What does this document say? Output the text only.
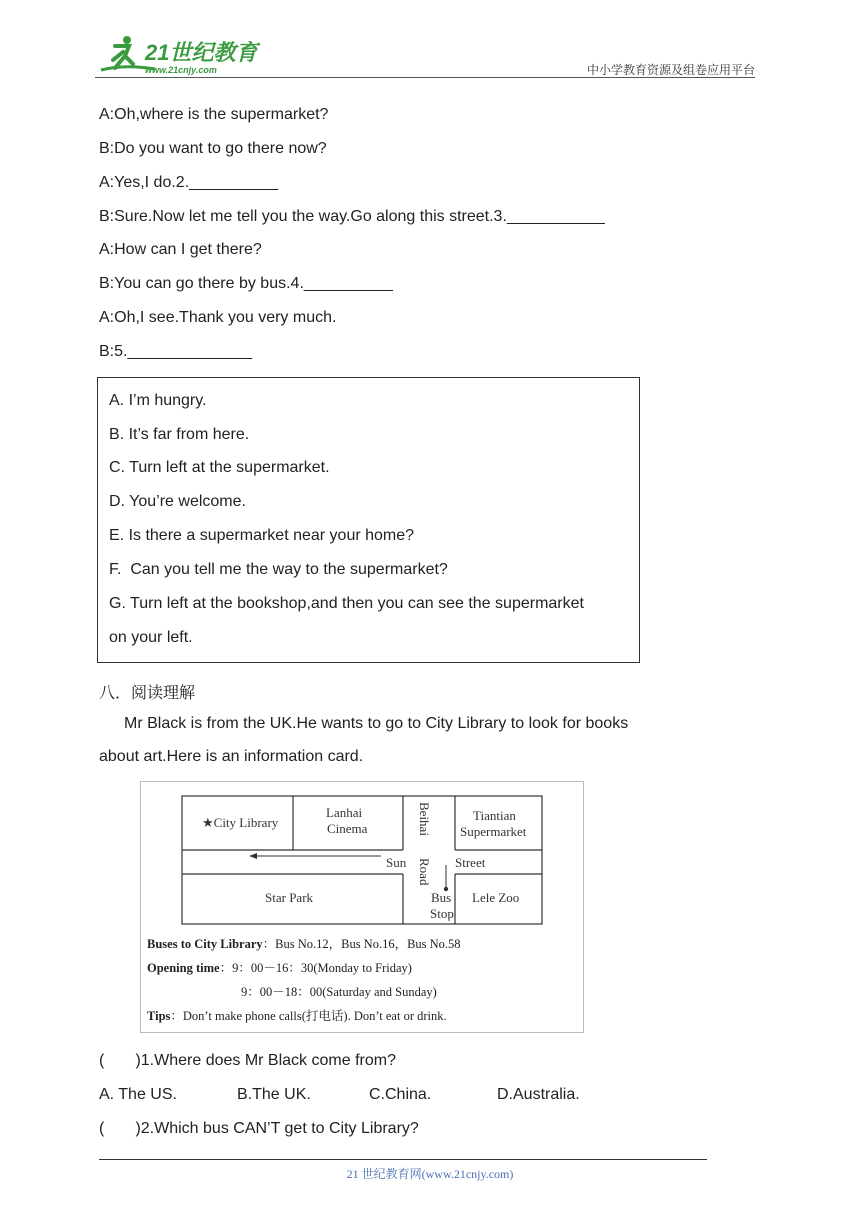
21世纪教育
www.21cnjy.com	中小学教育资源及组卷应用平台
A:Oh,where is the supermarket?
B:Do you want to go there now?
A:Yes,I do.2.__________
B:Sure.Now let me tell you the way.Go along this street.3.___________
A:How can I get there?
B:You can go there by bus.4.__________
A:Oh,I see.Thank you very much.
B:5.______________
A. I’m hungry.
B. It’s far from here.
C. Turn left at the supermarket.
D. You’re welcome.
E. Is there a supermarket near your home?
F.  Can you tell me the way to the supermarket?
G. Turn left at the bookshop,and then you can see the supermarket
on your left.
八．阅读理解
Mr Black is from the UK.He wants to go to City Library to look for books
about art.Here is an information card.
★City Library
Lanhai
Cinema
Tiantian
Supermarket
Sun	Street
Star Park	Bus
Stop
Lele Zoo
Beihai
Road
Buses to City Library：Bus No.12，Bus No.16，Bus No.58
Opening time：9：00－16：30(Monday to Friday)
9：00－18：00(Saturday and Sunday)
Tips：Don’t make phone calls(打电话). Don’t eat or drink.
(       )1.Where does Mr Black come from?
A. The US.	B.The UK.	C.China.	D.Australia.
(       )2.Which bus CAN’T get to City Library?
21 世纪教育网(www.21cnjy.com)
